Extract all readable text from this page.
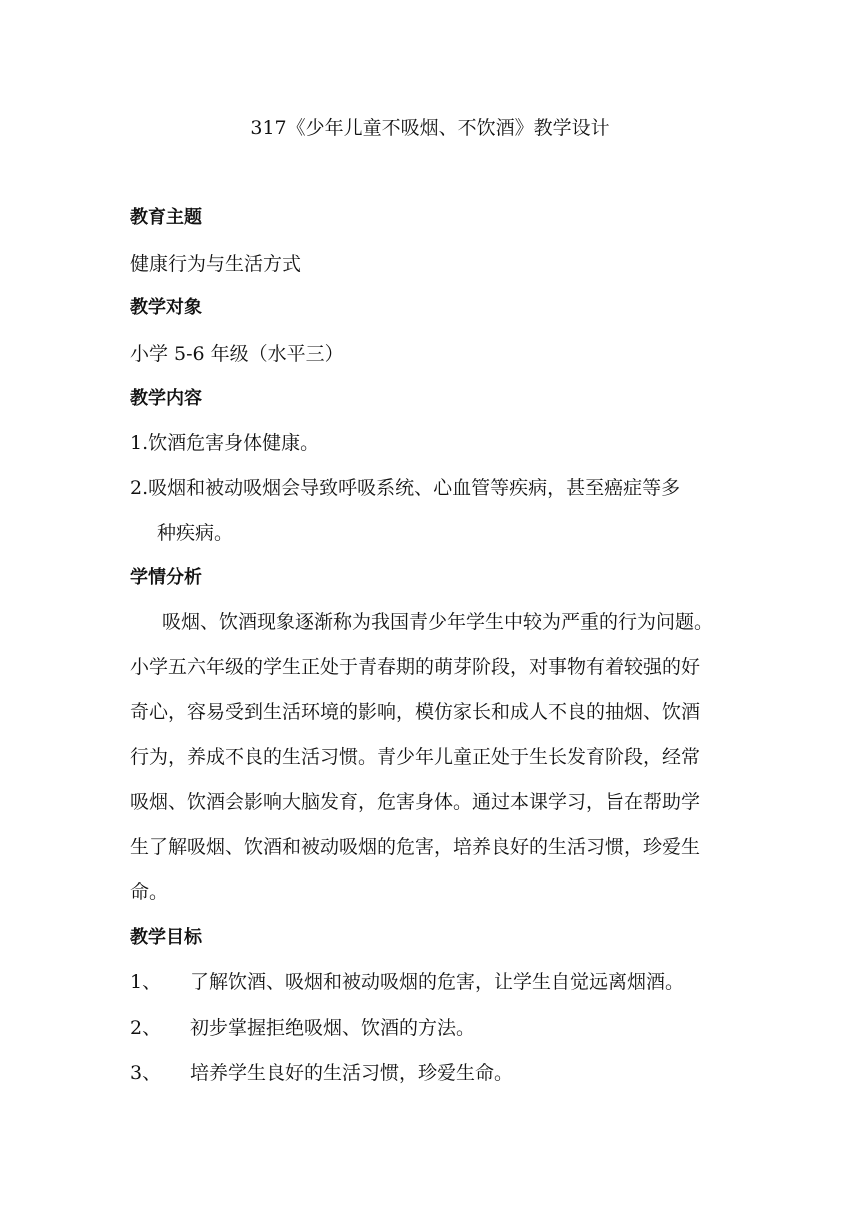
317《少年儿童不吸烟、不饮酒》教学设计
教育主题
健康行为与生活方式
教学对象
小学 5-6 年级（水平三）
教学内容
1.饮酒危害身体健康。
2.吸烟和被动吸烟会导致呼吸系统、心血管等疾病，甚至癌症等多
种疾病。
学情分析
吸烟、饮酒现象逐渐称为我国青少年学生中较为严重的行为问题。
小学五六年级的学生正处于青春期的萌芽阶段，对事物有着较强的好
奇心，容易受到生活环境的影响，模仿家长和成人不良的抽烟、饮酒
行为，养成不良的生活习惯。青少年儿童正处于生长发育阶段，经常
吸烟、饮酒会影响大脑发育，危害身体。通过本课学习，旨在帮助学
生了解吸烟、饮酒和被动吸烟的危害，培养良好的生活习惯，珍爱生
命。
教学目标
1、 了解饮酒、吸烟和被动吸烟的危害，让学生自觉远离烟酒。
2、 初步掌握拒绝吸烟、饮酒的方法。
3、 培养学生良好的生活习惯，珍爱生命。
